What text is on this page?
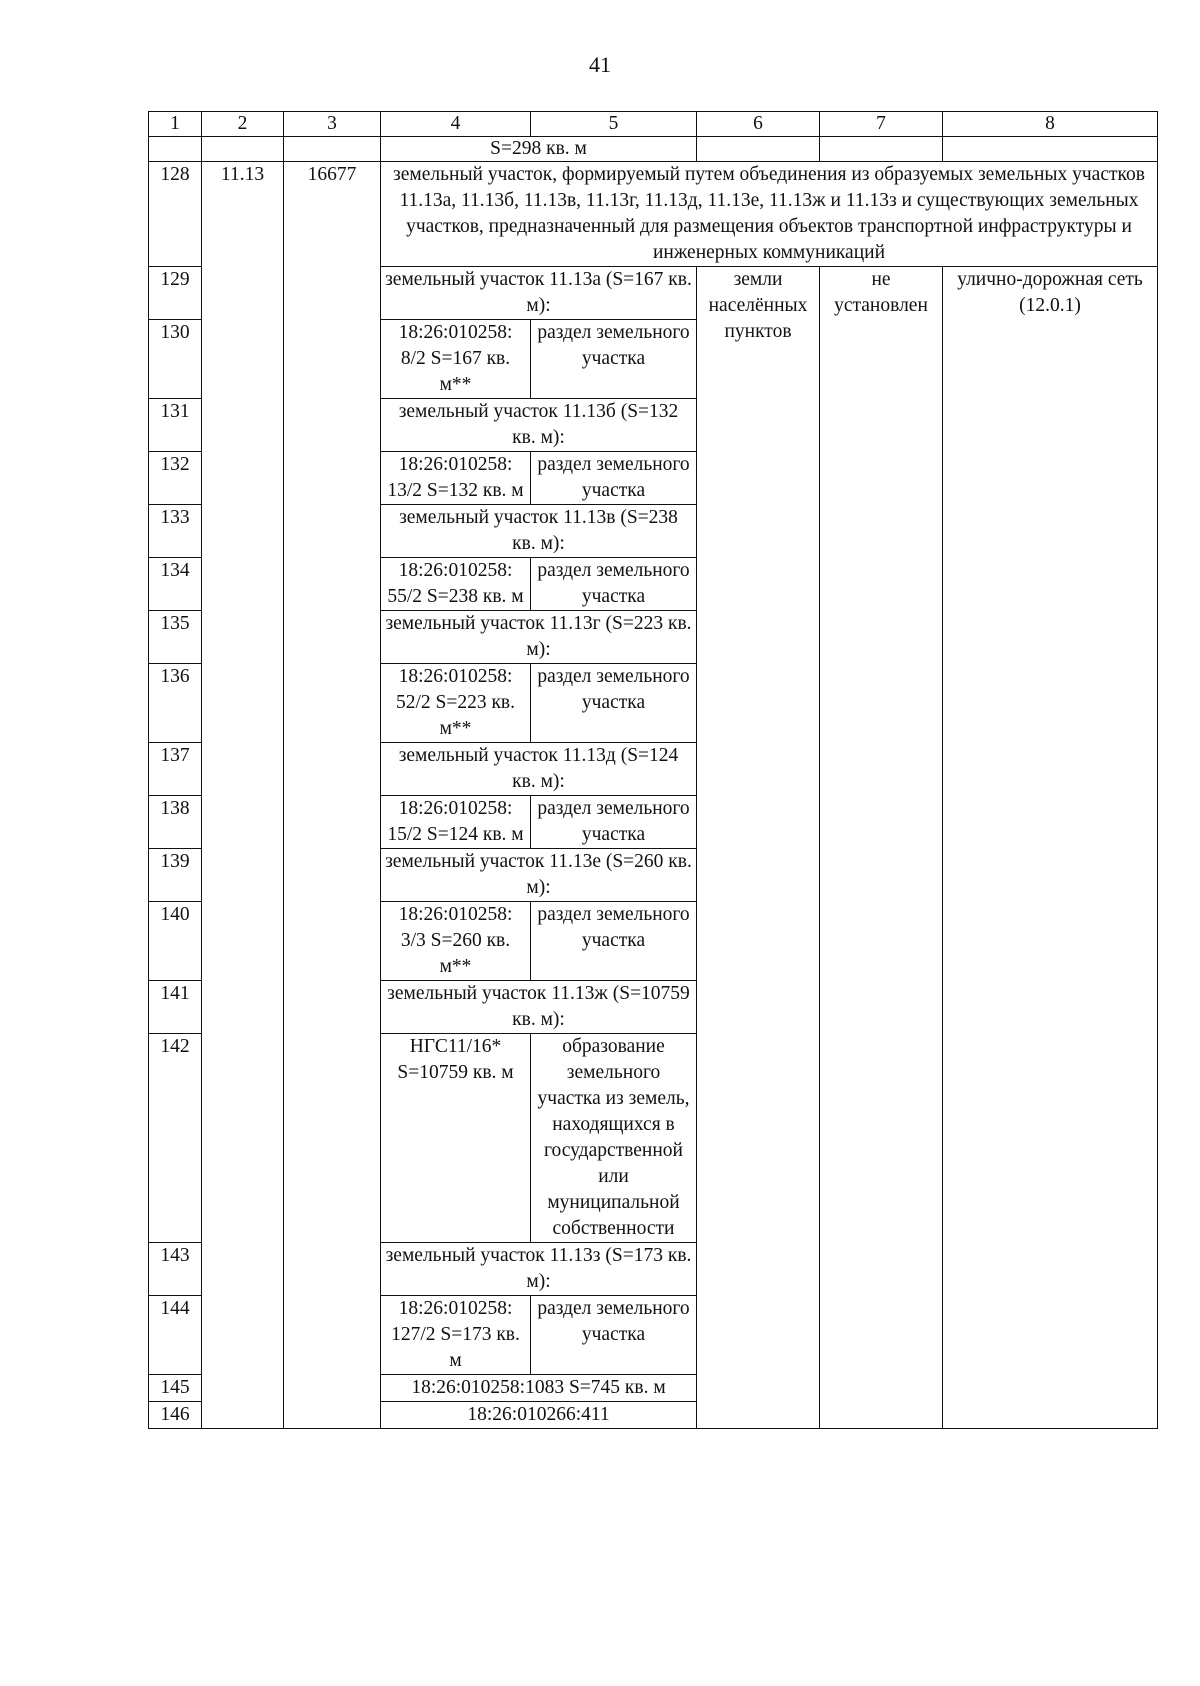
41
1	2	3	4	5	6	7	8
			S=298 кв. м				
128	11.13	16677	земельный участок, формируемый путем объединения из образуемых земельных участков 11.13а, 11.13б, 11.13в, 11.13г, 11.13д, 11.13е, 11.13ж и 11.13з и существующих земельных участков, предназначенный для размещения объектов транспортной инфраструктуры и инженерных коммуникаций				
129			земельный участок 11.13а (S=167 кв. м):		земли населённых пунктов	не установлен	улично-дорожная сеть (12.0.1)
130			18:26:010258: 8/2 S=167 кв. м**	раздел земельного участка			
131			земельный участок 11.13б (S=132 кв. м):				
132			18:26:010258: 13/2 S=132 кв. м	раздел земельного участка			
133			земельный участок 11.13в (S=238 кв. м):				
134			18:26:010258: 55/2 S=238 кв. м	раздел земельного участка			
135			земельный участок 11.13г (S=223 кв. м):				
136			18:26:010258: 52/2 S=223 кв. м**	раздел земельного участка			
137			земельный участок 11.13д (S=124 кв. м):				
138			18:26:010258: 15/2 S=124 кв. м	раздел земельного участка			
139			земельный участок 11.13е (S=260 кв. м):				
140			18:26:010258: 3/3 S=260 кв. м**	раздел земельного участка			
141			земельный участок 11.13ж (S=10759 кв. м):				
142			НГС11/16* S=10759 кв. м	образование земельного участка из земель, находящихся в государственной или муниципальной собственности			
143			земельный участок 11.13з (S=173 кв. м):				
144			18:26:010258: 127/2 S=173 кв. м	раздел земельного участка			
145			18:26:010258:1083 S=745 кв. м				
146			18:26:010266:411				
